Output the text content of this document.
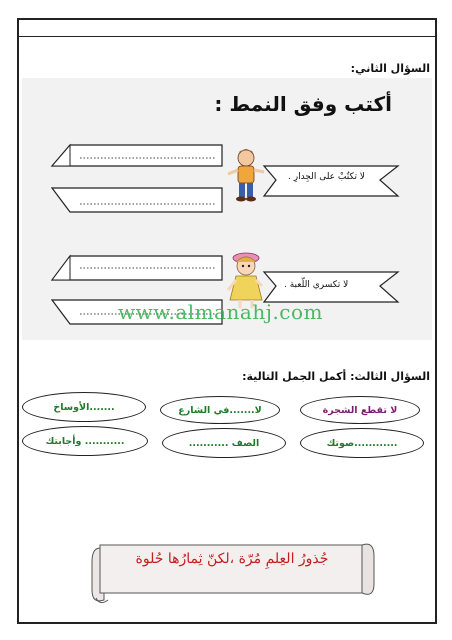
السؤال الثاني:
أكتب وفق النمط :
لا تكتُبْ على الجِدارِ .
لا تكسري اللّعبة .
www.almanahj.com
السؤال الثالث: أكمل الجمل التالية:
لا تقطع الشجرة
لا.......في الشارع
.......الأوساخ
............صوتك
الصف ...........
........... وأجابتك
جُذورُ العِلمِ مُرّة ،لكنّ ثِمارُها حُلوة
